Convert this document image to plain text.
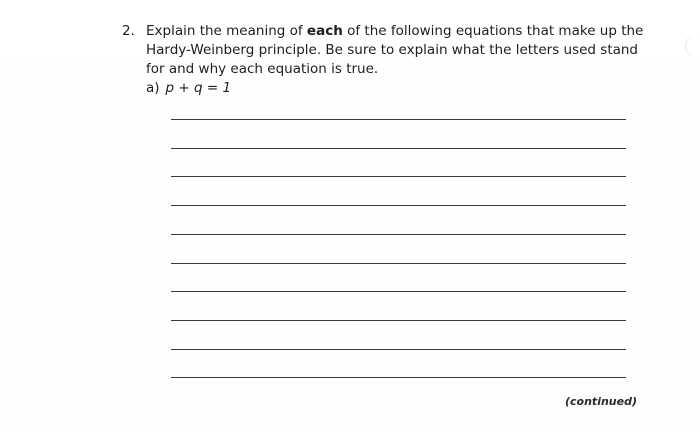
2. Explain the meaning of each of the following equations that make up the Hardy-Weinberg principle. Be sure to explain what the letters used stand for and why each equation is true.
a) p + q = 1
(continued)
